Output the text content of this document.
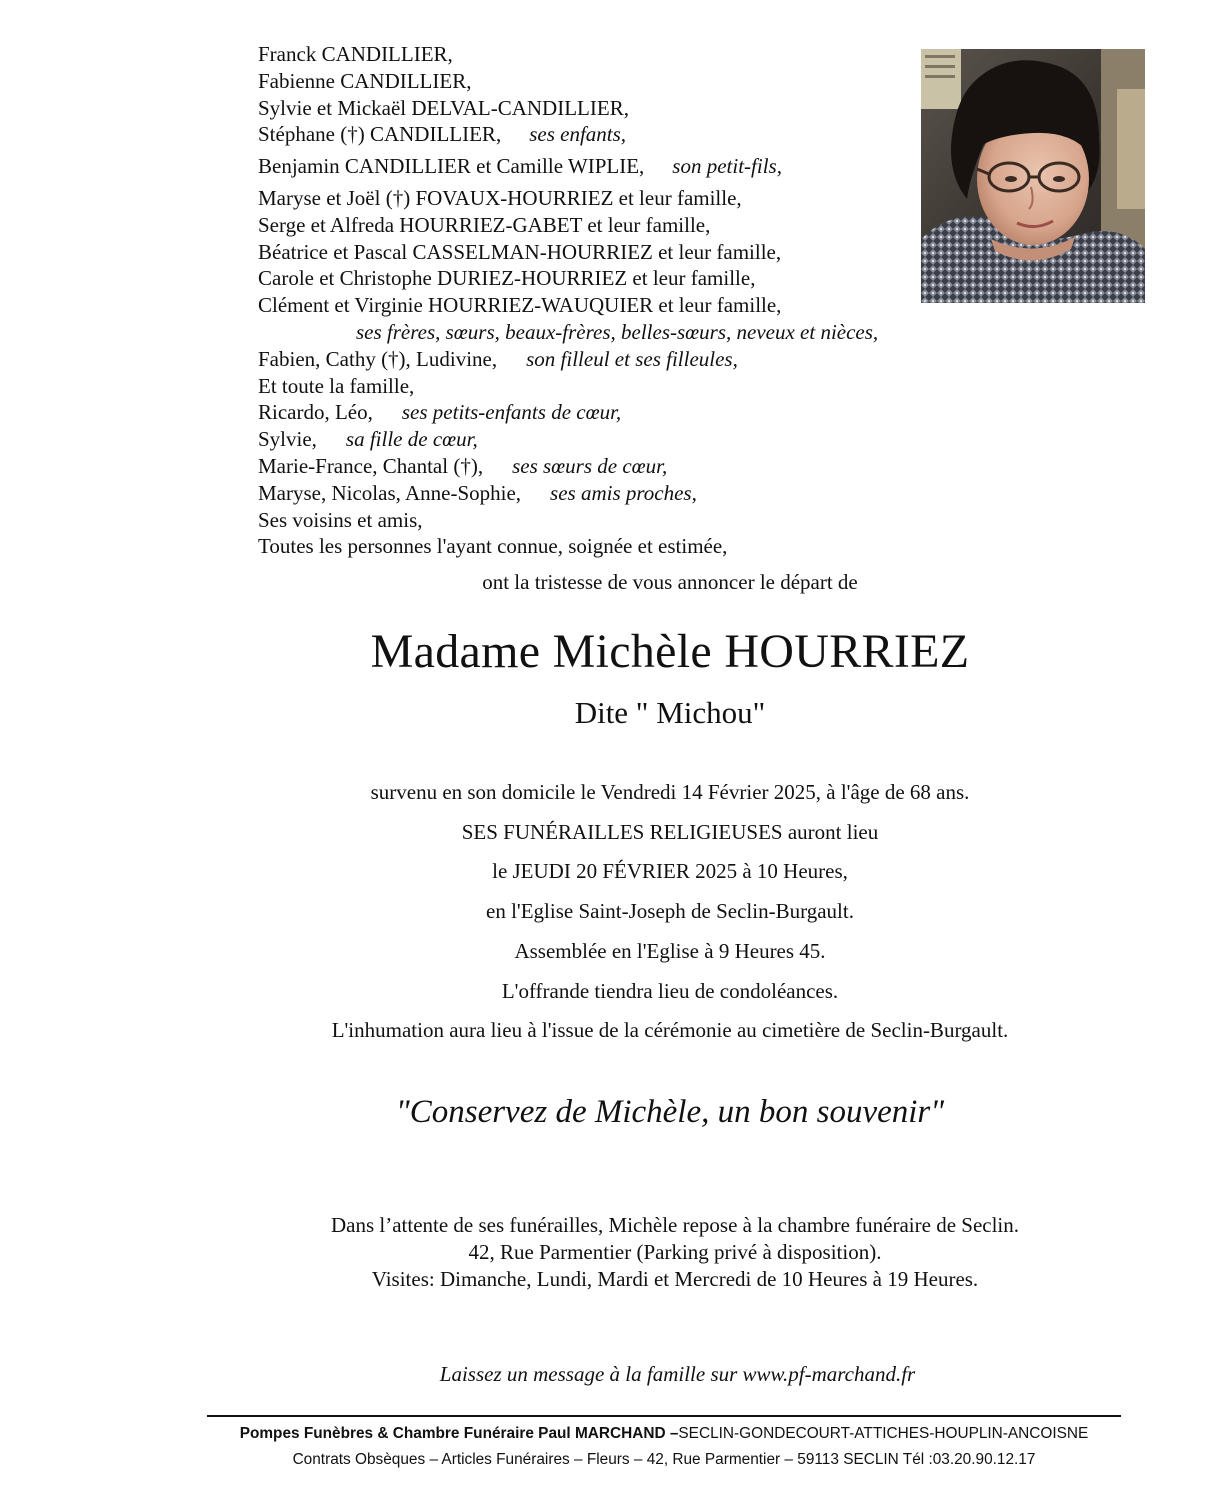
Franck CANDILLIER,
Fabienne CANDILLIER,
Sylvie et Mickaël DELVAL-CANDILLIER,
Stéphane (†) CANDILLIER, ses enfants,
Benjamin CANDILLIER et Camille WIPLIE, son petit-fils,
Maryse et Joël (†) FOVAUX-HOURRIEZ et leur famille,
Serge et Alfreda HOURRIEZ-GABET et leur famille,
Béatrice et Pascal CASSELMAN-HOURRIEZ et leur famille,
Carole et Christophe DURIEZ-HOURRIEZ et leur famille,
Clément et Virginie HOURRIEZ-WAUQUIER et leur famille,
ses frères, sœurs, beaux-frères, belles-sœurs, neveux et nièces,
Fabien, Cathy (†), Ludivine, son filleul et ses filleules,
Et toute la famille,
Ricardo, Léo, ses petits-enfants de cœur,
Sylvie, sa fille de cœur,
Marie-France, Chantal (†), ses sœurs de cœur,
Maryse, Nicolas, Anne-Sophie, ses amis proches,
Ses voisins et amis,
Toutes les personnes l'ayant connue, soignée et estimée,
ont la tristesse de vous annoncer le départ de
Madame Michèle HOURRIEZ
Dite " Michou"
survenu en son domicile le Vendredi 14 Février 2025, à l'âge de 68 ans.
SES FUNÉRAILLES RELIGIEUSES auront lieu
le JEUDI 20 FÉVRIER 2025 à 10 Heures,
en l'Eglise Saint-Joseph de Seclin-Burgault.
Assemblée en l'Eglise à 9 Heures 45.
L'offrande tiendra lieu de condoléances.
L'inhumation aura lieu à l'issue de la cérémonie au cimetière de Seclin-Burgault.
"Conservez de Michèle, un bon souvenir"
Dans l’attente de ses funérailles, Michèle repose à la chambre funéraire de Seclin.
42, Rue Parmentier (Parking privé à disposition).
Visites: Dimanche, Lundi, Mardi et Mercredi de 10 Heures à 19 Heures.
Laissez un message à la famille sur www.pf-marchand.fr
Pompes Funèbres & Chambre Funéraire Paul MARCHAND –SECLIN-GONDECOURT-ATTICHES-HOUPLIN-ANCOISNE
Contrats Obsèques – Articles Funéraires – Fleurs – 42, Rue Parmentier – 59113 SECLIN Tél :03.20.90.12.17
